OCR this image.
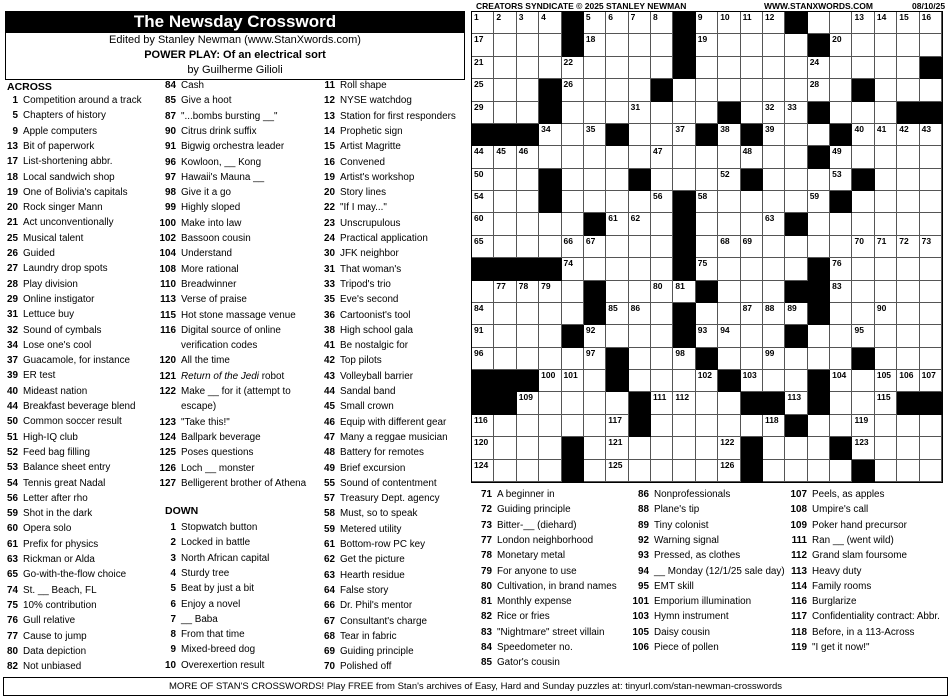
CREATORS SYNDICATE © 2025 STANLEY NEWMAN	WWW.STANXWORDS.COM	08/10/25
The Newsday Crossword
Edited by Stanley Newman (www.StanXwords.com)
POWER PLAY: Of an electrical sort
by Guilherme Gilioli
1 2 3 4	5 6 7 8	9 10 11 12	13 14 15 16
17	18	19	20
21	22	24
25	26	28
29	31	32 33
34	35	37	38	39	40 41 42 43
44 45 46	47	48	49
50	52	53
54	56	58	59
60	61 62	63
65	66 67	68 69	70 71 72 73
74	75	76
77 78 79	80 81	83
84	85 86	87 88 89	90
91	92	93 94	95
96	97	98	99
100 101	102	103	104	105 106 107
109	111 112	113	115
116	117	118	119
120	121	122	123
124	125	126
ACROSS
DOWN
1 Competition around a track
5 Chapters of history
9 Apple computers
13 Bit of paperwork
17 List-shortening abbr.
18 Local sandwich shop
19 One of Bolivia's capitals
20 Rock singer Mann
21 Act unconventionally
25 Musical talent
26 Guided
27 Laundry drop spots
28 Play division
29 Online instigator
31 Lettuce buy
32 Sound of cymbals
34 Lose one's cool
37 Guacamole, for instance
39 ER test
40 Mideast nation
44 Breakfast beverage blend
50 Common soccer result
51 High-IQ club
52 Feed bag filling
53 Balance sheet entry
54 Tennis great Nadal
56 Letter after rho
59 Shot in the dark
60 Opera solo
61 Prefix for physics
63 Rickman or Alda
65 Go-with-the-flow choice
74 St. __ Beach, FL
75 10% contribution
76 Gull relative
77 Cause to jump
80 Data depiction
82 Not unbiased
84 Cash
85 Give a hoot
87 "...bombs bursting __"
90 Citrus drink suffix
91 Bigwig orchestra leader
96 Kowloon, __ Kong
97 Hawaii's Mauna __
98 Give it a go
99 Highly sloped
100 Make into law
102 Bassoon cousin
104 Understand
108 More rational
110 Breadwinner
113 Verse of praise
115 Hot stone massage venue
116 Digital source of online
verification codes
120 All the time
121 Return of the Jedi robot
122 Make __ for it (attempt to
escape)
123 "Take this!"
124 Ballpark beverage
125 Poses questions
126 Loch __ monster
127 Belligerent brother of Athena
1 Stopwatch button
2 Locked in battle
3 North African capital
4 Sturdy tree
5 Beat by just a bit
6 Enjoy a novel
7 __ Baba
8 From that time
9 Mixed-breed dog
10 Overexertion result
11 Roll shape
12 NYSE watchdog
13 Station for first responders
14 Prophetic sign
15 Artist Magritte
16 Convened
19 Artist's workshop
20 Story lines
22 "If I may..."
23 Unscrupulous
24 Practical application
30 JFK neighbor
31 That woman's
33 Tripod's trio
35 Eve's second
36 Cartoonist's tool
38 High school gala
41 Be nostalgic for
42 Top pilots
43 Volleyball barrier
44 Sandal band
45 Small crown
46 Equip with different gear
47 Many a reggae musician
48 Battery for remotes
49 Brief excursion
55 Sound of contentment
57 Treasury Dept. agency
58 Must, so to speak
59 Metered utility
61 Bottom-row PC key
62 Get the picture
63 Hearth residue
64 False story
66 Dr. Phil's mentor
67 Consultant's charge
68 Tear in fabric
69 Guiding principle
70 Polished off
71 A beginner in
72 Guiding principle
73 Bitter-__ (diehard)
77 London neighborhood
78 Monetary metal
79 For anyone to use
80 Cultivation, in brand names
81 Monthly expense
82 Rice or fries
83 "Nightmare" street villain
84 Speedometer no.
85 Gator's cousin
86 Nonprofessionals
88 Plane's tip
89 Tiny colonist
92 Warning signal
93 Pressed, as clothes
94 __ Monday (12/1/25 sale day)
95 EMT skill
101 Emporium illumination
103 Hymn instrument
105 Daisy cousin
106 Piece of pollen
107 Peels, as apples
108 Umpire's call
109 Poker hand precursor
111 Ran __ (went wild)
112 Grand slam foursome
113 Heavy duty
114 Family rooms
116 Burglarize
117 Confidentiality contract: Abbr.
118 Before, in a 113-Across
119 "I get it now!"
MORE OF STAN'S CROSSWORDS! Play FREE from Stan's archives of Easy, Hard and Sunday puzzles at: tinyurl.com/stan-newman-crosswords
